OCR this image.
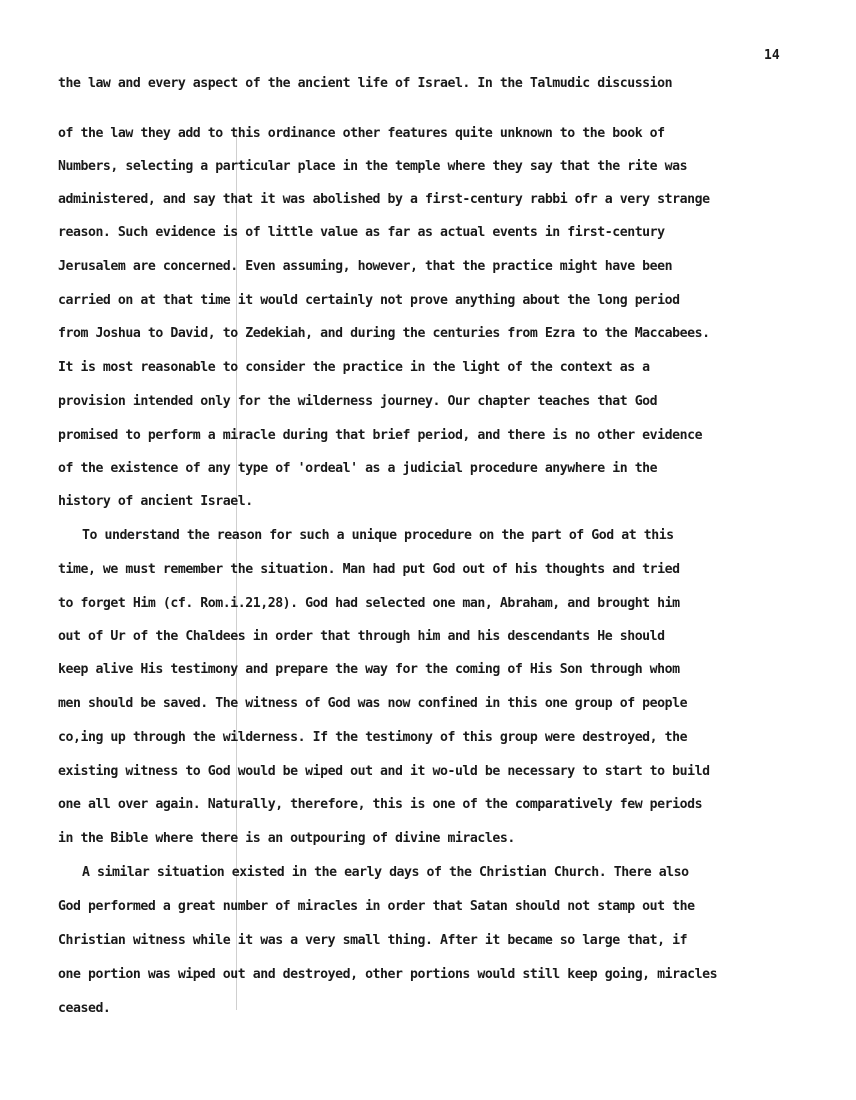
14
the law and every aspect of the ancient life of Israel. In the Talmudic discussion
of the law they add to this ordinance other features quite unknown to the book of
Numbers, selecting a particular place in the temple where they say that the rite was
administered, and say that it was abolished by a first-century rabbi ofr a very strange
reason. Such evidence is of little value as far as actual events in first-century
Jerusalem are concerned. Even assuming, however, that the practice might have been
carried on at that time it would certainly not prove anything about the long period
from Joshua to David, to Zedekiah, and during the centuries from Ezra to the Maccabees.
It is most reasonable to consider the practice in the light of the context as a
provision intended only for the wilderness journey. Our chapter teaches that God
promised to perform a miracle during that brief period, and there is no other evidence
of the existence of any type of 'ordeal' as a judicial procedure anywhere in the
history of ancient Israel.
To understand the reason for such a unique procedure on the part of God at this
time, we must remember the situation. Man had put God out of his thoughts and tried
to forget Him (cf. Rom.i.21,28). God had selected one man, Abraham, and brought him
out of Ur of the Chaldees in order that through him and his descendants He should
keep alive His testimony and prepare the way for the coming of His Son through whom
men should be saved. The witness of God was now confined in this one group of people
co,ing up through the wilderness. If the testimony of this group were destroyed, the
existing witness to God would be wiped out and it wo-uld be necessary to start to build
one all over again. Naturally, therefore, this is one of the comparatively few periods
in the Bible where there is an outpouring of divine miracles.
A similar situation existed in the early days of the Christian Church. There also
God performed a great number of miracles in order that Satan should not stamp out the
Christian witness while it was a very small thing. After it became so large that, if
one portion was wiped out and destroyed, other portions would still keep going, miracles
ceased.
